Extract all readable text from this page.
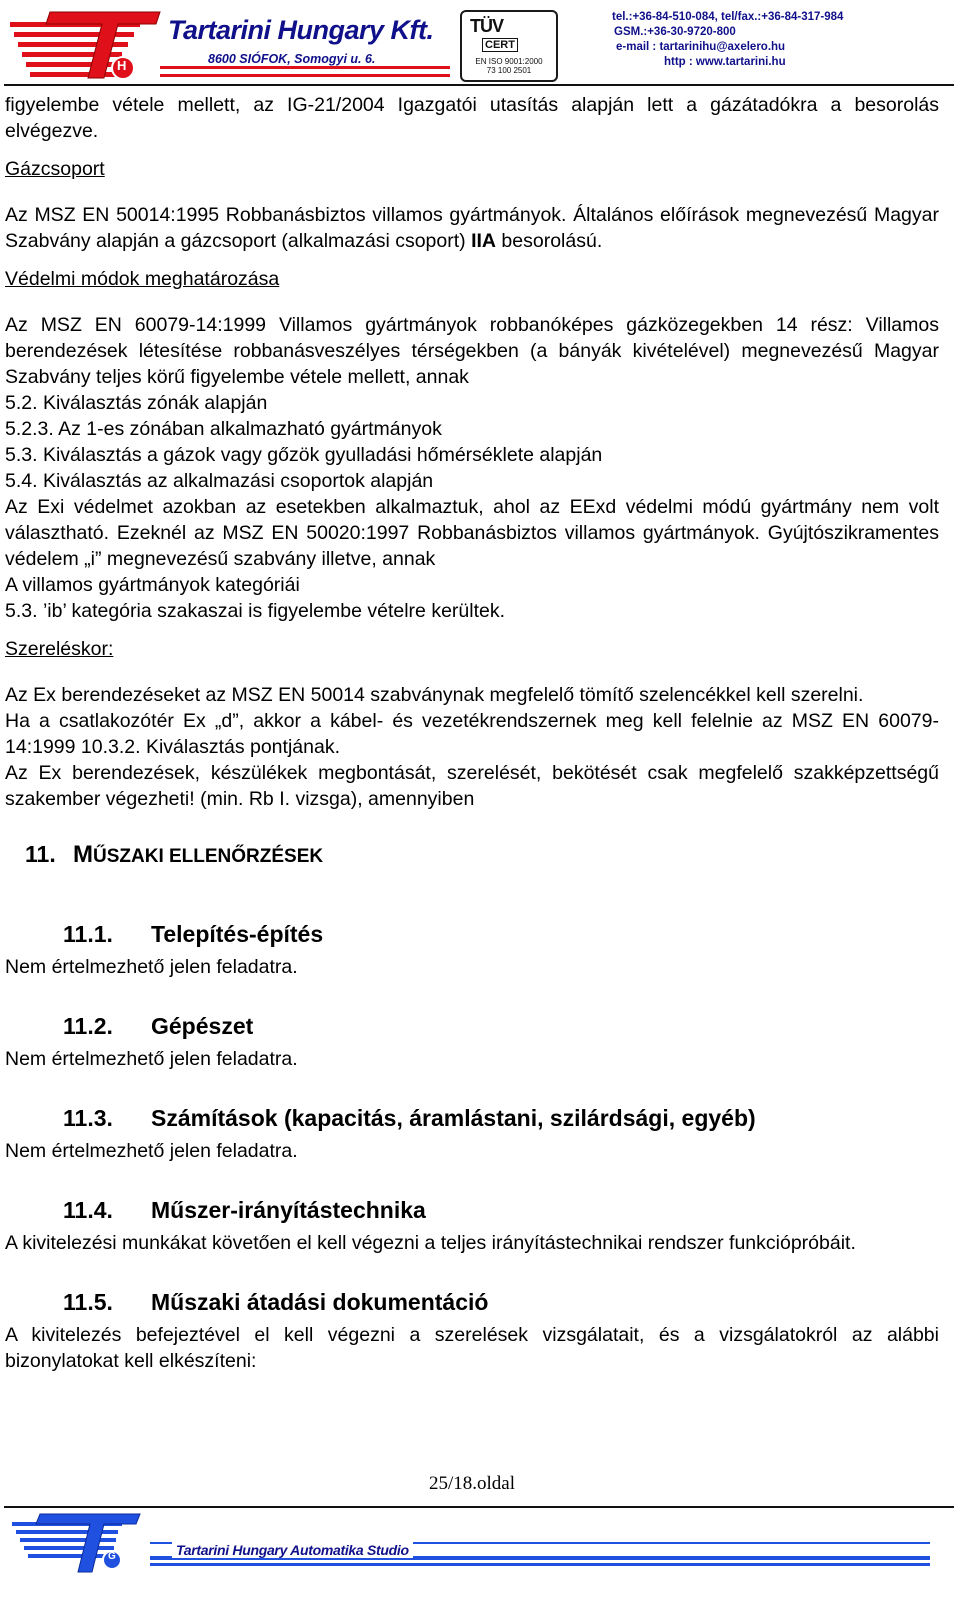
H
Tartarini Hungary Kft.
8600 SIÓFOK, Somogyi u. 6.
TÜV
CERT
EN ISO 9001:2000
73 100 2501
tel.:+36-84-510-084, tel/fax.:+36-84-317-984
GSM.:+36-30-9720-800
e-mail : tartarinihu@axelero.hu
http : www.tartarini.hu

figyelembe vétele mellett, az IG-21/2004 Igazgatói utasítás alapján lett a gázátadókra a besorolás elvégezve.

Gázcsoport

Az MSZ EN 50014:1995 Robbanásbiztos villamos gyártmányok. Általános előírások megnevezésű Magyar Szabvány alapján a gázcsoport (alkalmazási csoport) IIA besorolású.

Védelmi módok meghatározása

Az MSZ EN 60079-14:1999 Villamos gyártmányok robbanóképes gázközegekben 14 rész: Villamos berendezések létesítése robbanásveszélyes térségekben (a bányák kivételével) megnevezésű Magyar Szabvány teljes körű figyelembe vétele mellett, annak

5.2. Kiválasztás zónák alapján

5.2.3. Az 1-es zónában alkalmazható gyártmányok

5.3. Kiválasztás a gázok vagy gőzök gyulladási hőmérséklete alapján

5.4. Kiválasztás az alkalmazási csoportok alapján

Az Exi védelmet azokban az esetekben alkalmaztuk, ahol az EExd védelmi módú gyártmány nem volt választható. Ezeknél az MSZ EN 50020:1997 Robbanásbiztos villamos gyártmányok. Gyújtószikramentes védelem „i” megnevezésű szabvány illetve, annak

A villamos gyártmányok kategóriái

5.3. ’ib’ kategória szakaszai is figyelembe vételre kerültek.

Szereléskor:

Az Ex berendezéseket az MSZ EN 50014 szabványnak megfelelő tömítő szelencékkel kell szerelni.

Ha a csatlakozótér Ex „d”, akkor a kábel- és vezetékrendszernek meg kell felelnie az MSZ EN 60079-14:1999 10.3.2. Kiválasztás pontjának.

Az Ex berendezések, készülékek megbontását, szerelését, bekötését csak megfelelő szakképzettségű szakember végezheti! (min. Rb I. vizsga), amennyiben

11. MŰSZAKI ELLENŐRZÉSEK
11.1. Telepítés-építés

Nem értelmezhető jelen feladatra.

11.2. Gépészet

Nem értelmezhető jelen feladatra.

11.3. Számítások (kapacitás, áramlástani, szilárdsági, egyéb)

Nem értelmezhető jelen feladatra.

11.4. Műszer-irányítástechnika

A kivitelezési munkákat követően el kell végezni a teljes irányítástechnikai rendszer funkciópróbáit.

11.5. Műszaki átadási dokumentáció

A kivitelezés befejeztével el kell végezni a szerelések vizsgálatait, és a vizsgálatokról az alábbi bizonylatokat kell elkészíteni:

25/18.oldal
G	Tartarini Hungary Automatika Studio
